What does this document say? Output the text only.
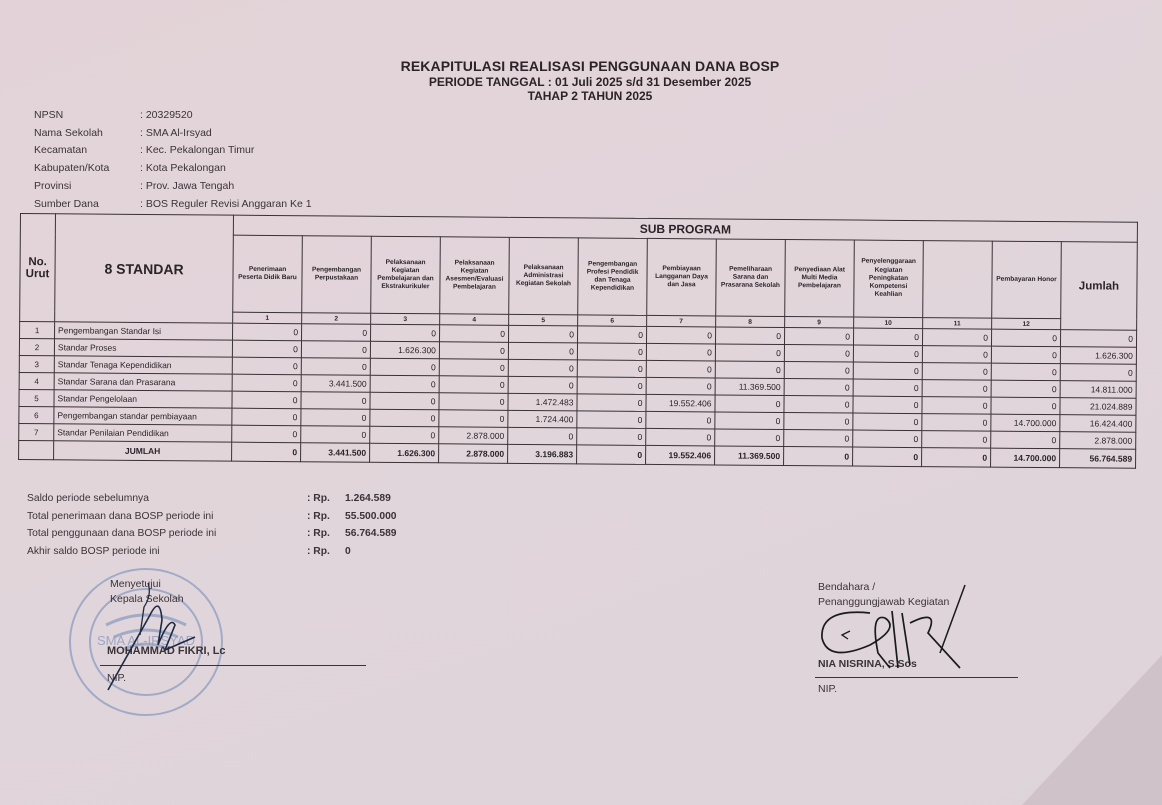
REKAPITULASI REALISASI PENGGUNAAN DANA BOSP
PERIODE TANGGAL : 01 Juli 2025 s/d 31 Desember 2025
TAHAP 2 TAHUN 2025
NPSN	: 20329520
Nama Sekolah	: SMA Al-Irsyad
Kecamatan	: Kec. Pekalongan Timur
Kabupaten/Kota	: Kota Pekalongan
Provinsi	: Prov. Jawa Tengah
Sumber Dana	: BOS Reguler Revisi Anggaran Ke 1
No. Urut	8 STANDAR	SUB PROGRAM												
		Penerimaan Peserta Didik Baru	Pengembangan Perpustakaan	Pelaksanaan Kegiatan Pembelajaran dan Ekstrakurikuler	Pelaksanaan Kegiatan Asesmen/Evaluasi Pembelajaran	Pelaksanaan Administrasi Kegiatan Sekolah	Pengembangan Profesi Pendidik dan Tenaga Kependidikan	Pembiayaan Langganan Daya dan Jasa	Pemeliharaan Sarana dan Prasarana Sekolah	Penyediaan Alat Multi Media Pembelajaran	Penyelenggaraan Kegiatan Peningkatan Kompetensi Keahlian		Pembayaran Honor	Jumlah
		1	2	3	4	5	6	7	8	9	10	11	12	
1	Pengembangan Standar Isi	0	0	0	0	0	0	0	0	0	0	0	0	0
2	Standar Proses	0	0	1.626.300	0	0	0	0	0	0	0	0	0	1.626.300
3	Standar Tenaga Kependidikan	0	0	0	0	0	0	0	0	0	0	0	0	0
4	Standar Sarana dan Prasarana	0	3.441.500	0	0	0	0	0	11.369.500	0	0	0	0	14.811.000
5	Standar Pengelolaan	0	0	0	0	1.472.483	0	19.552.406	0	0	0	0	0	21.024.889
6	Pengembangan standar pembiayaan	0	0	0	0	1.724.400	0	0	0	0	0	0	14.700.000	16.424.400
7	Standar Penilaian Pendidikan	0	0	0	2.878.000	0	0	0	0	0	0	0	0	2.878.000
	JUMLAH	0	3.441.500	1.626.300	2.878.000	3.196.883	0	19.552.406	11.369.500	0	0	0	14.700.000	56.764.589
Saldo periode sebelumnya	: Rp.	1.264.589
Total penerimaan dana BOSP periode ini	: Rp.	55.500.000
Total penggunaan dana BOSP periode ini	: Rp.	56.764.589
Akhir saldo BOSP periode ini	: Rp.	0
SMA AL-IRSYAD
Menyetujui
Kepala Sekolah
MOHAMMAD FIKRI, Lc
NIP.
Bendahara /
Penanggungjawab Kegiatan
NIA NISRINA, S.Sos
NIP.
